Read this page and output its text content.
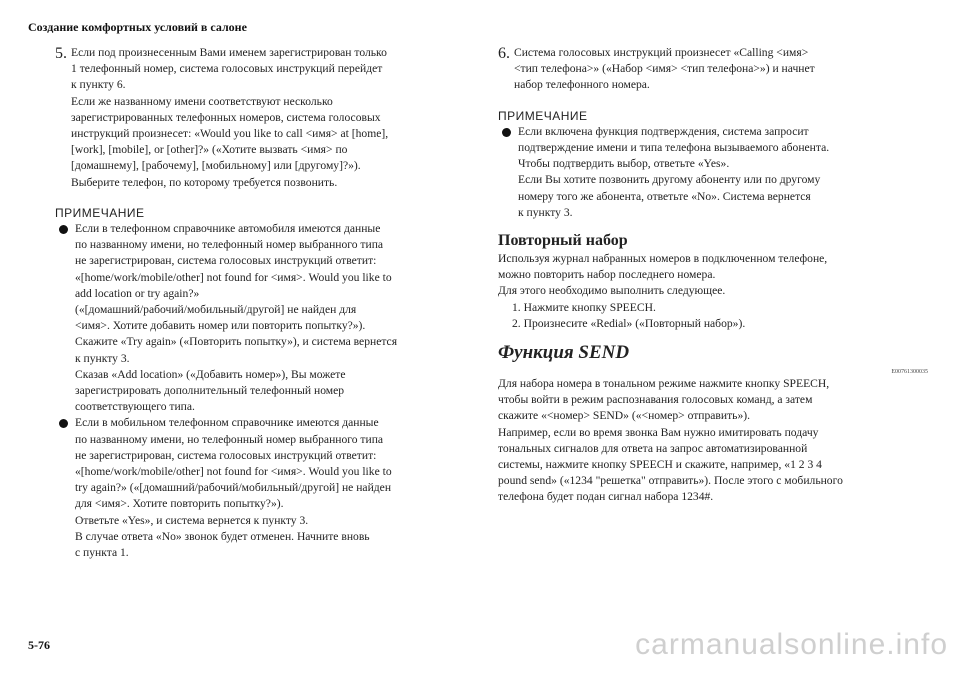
Создание комфортных условий в салоне
5. Если под произнесенным Вами именем зарегистрирован только

1 телефонный номер, система голосовых инструкций перейдет

к пункту 6.

Если же названному имени соответствуют несколько

зарегистрированных телефонных номеров, система голосовых

инструкций произнесет: «Would you like to call <имя> at [home],

[work], [mobile], or [other]?» («Хотите вызвать <имя> по

[домашнему], [рабочему], [мобильному] или [другому]?»).

Выберите телефон, по которому требуется позвонить.

ПРИМЕЧАНИЕ

Если в телефонном справочнике автомобиля имеются данные

по названному имени, но телефонный номер выбранного типа

не зарегистрирован, система голосовых инструкций ответит:

«[home/work/mobile/other] not found for <имя>. Would you like to

add location or try again?»

(«[домашний/рабочий/мобильный/другой] не найден для

<имя>. Хотите добавить номер или повторить попытку?»).

Скажите «Try again» («Повторить попытку»), и система вернется

к пункту 3.

Сказав «Add location» («Добавить номер»), Вы можете

зарегистрировать дополнительный телефонный номер

соответствующего типа.

Если в мобильном телефонном справочнике имеются данные

по названному имени, но телефонный номер выбранного типа

не зарегистрирован, система голосовых инструкций ответит:

«[home/work/mobile/other] not found for <имя>. Would you like to

try again?» («[домашний/рабочий/мобильный/другой] не найден

для <имя>. Хотите повторить попытку?»).

Ответьте «Yes», и система вернется к пункту 3.

В случае ответа «No» звонок будет отменен. Начните вновь

с пункта 1.

6. Система голосовых инструкций произнесет «Calling <имя>

<тип телефона>» («Набор <имя> <тип телефона>») и начнет

набор телефонного номера.

ПРИМЕЧАНИЕ

Если включена функция подтверждения, система запросит

подтверждение имени и типа телефона вызываемого абонента.

Чтобы подтвердить выбор, ответьте «Yes».

Если Вы хотите позвонить другому абоненту или по другому

номеру того же абонента, ответьте «No». Система вернется

к пункту 3.

Повторный набор

Используя журнал набранных номеров в подключенном телефоне,

можно повторить набор последнего номера.

Для этого необходимо выполнить следующее.

1. Нажмите кнопку SPEECH.

2. Произнесите «Redial» («Повторный набор»).

Функция SEND

E00761300035

Для набора номера в тональном режиме нажмите кнопку SPEECH,

чтобы войти в режим распознавания голосовых команд, а затем

скажите «<номер> SEND» («<номер> отправить»).

Например, если во время звонка Вам нужно имитировать подачу

тональных сигналов для ответа на запрос автоматизированной

системы, нажмите кнопку SPEECH и скажите, например, «1 2 3 4

pound send» («1234 "решетка" отправить»). После этого с мобильного

телефона будет подан сигнал набора 1234#.

5-76	carmanualsonline.info
